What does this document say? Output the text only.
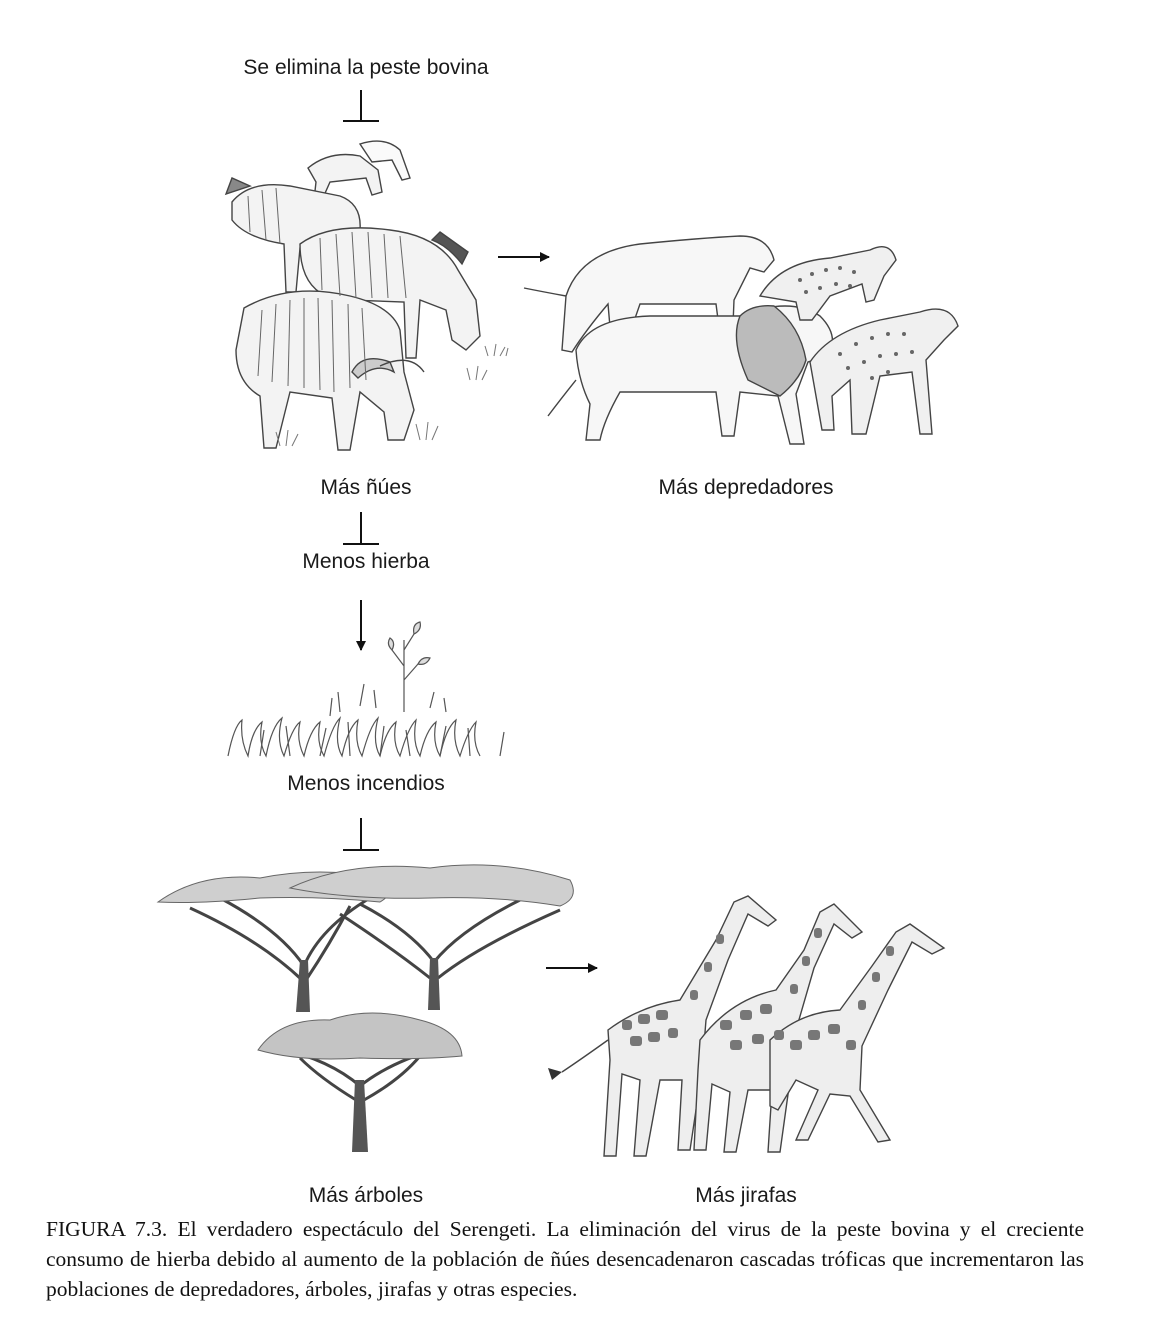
Se elimina la peste bovina
Más ñúes	Más depredadores
Menos hierba
Menos incendios
Más árboles	Más jirafas
FIGURA 7.3. El verdadero espectáculo del Serengeti. La eliminación del virus de la peste bovina y el creciente consumo de hierba debido al aumento de la población de ñúes desencadenaron cascadas tróficas que incrementaron las poblaciones de depredadores, árboles, jirafas y otras especies.
